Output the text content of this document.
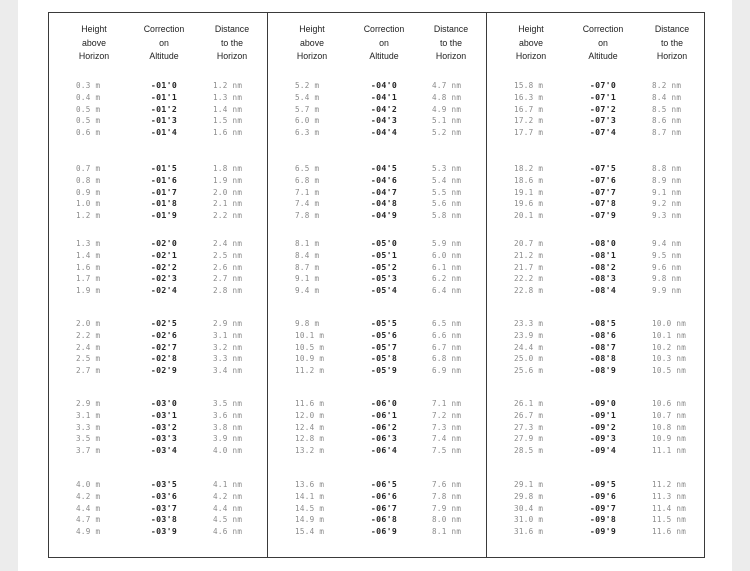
Height
above
Horizon
Correction
on
Altitude
Distance
to the
Horizon
Height
above
Horizon
Correction
on
Altitude
Distance
to the
Horizon
Height
above
Horizon
Correction
on
Altitude
Distance
to the
Horizon
0.3 m	-01'0	1.2 nm
0.4 m	-01'1	1.3 nm
0.5 m	-01'2	1.4 nm
0.5 m	-01'3	1.5 nm
0.6 m	-01'4	1.6 nm
0.7 m	-01'5	1.8 nm
0.8 m	-01'6	1.9 nm
0.9 m	-01'7	2.0 nm
1.0 m	-01'8	2.1 nm
1.2 m	-01'9	2.2 nm
1.3 m	-02'0	2.4 nm
1.4 m	-02'1	2.5 nm
1.6 m	-02'2	2.6 nm
1.7 m	-02'3	2.7 nm
1.9 m	-02'4	2.8 nm
2.0 m	-02'5	2.9 nm
2.2 m	-02'6	3.1 nm
2.4 m	-02'7	3.2 nm
2.5 m	-02'8	3.3 nm
2.7 m	-02'9	3.4 nm
2.9 m	-03'0	3.5 nm
3.1 m	-03'1	3.6 nm
3.3 m	-03'2	3.8 nm
3.5 m	-03'3	3.9 nm
3.7 m	-03'4	4.0 nm
4.0 m	-03'5	4.1 nm
4.2 m	-03'6	4.2 nm
4.4 m	-03'7	4.4 nm
4.7 m	-03'8	4.5 nm
4.9 m	-03'9	4.6 nm
5.2 m	-04'0	4.7 nm
5.4 m	-04'1	4.8 nm
5.7 m	-04'2	4.9 nm
6.0 m	-04'3	5.1 nm
6.3 m	-04'4	5.2 nm
6.5 m	-04'5	5.3 nm
6.8 m	-04'6	5.4 nm
7.1 m	-04'7	5.5 nm
7.4 m	-04'8	5.6 nm
7.8 m	-04'9	5.8 nm
8.1 m	-05'0	5.9 nm
8.4 m	-05'1	6.0 nm
8.7 m	-05'2	6.1 nm
9.1 m	-05'3	6.2 nm
9.4 m	-05'4	6.4 nm
9.8 m	-05'5	6.5 nm
10.1 m	-05'6	6.6 nm
10.5 m	-05'7	6.7 nm
10.9 m	-05'8	6.8 nm
11.2 m	-05'9	6.9 nm
11.6 m	-06'0	7.1 nm
12.0 m	-06'1	7.2 nm
12.4 m	-06'2	7.3 nm
12.8 m	-06'3	7.4 nm
13.2 m	-06'4	7.5 nm
13.6 m	-06'5	7.6 nm
14.1 m	-06'6	7.8 nm
14.5 m	-06'7	7.9 nm
14.9 m	-06'8	8.0 nm
15.4 m	-06'9	8.1 nm
15.8 m	-07'0	8.2 nm
16.3 m	-07'1	8.4 nm
16.7 m	-07'2	8.5 nm
17.2 m	-07'3	8.6 nm
17.7 m	-07'4	8.7 nm
18.2 m	-07'5	8.8 nm
18.6 m	-07'6	8.9 nm
19.1 m	-07'7	9.1 nm
19.6 m	-07'8	9.2 nm
20.1 m	-07'9	9.3 nm
20.7 m	-08'0	9.4 nm
21.2 m	-08'1	9.5 nm
21.7 m	-08'2	9.6 nm
22.2 m	-08'3	9.8 nm
22.8 m	-08'4	9.9 nm
23.3 m	-08'5	10.0 nm
23.9 m	-08'6	10.1 nm
24.4 m	-08'7	10.2 nm
25.0 m	-08'8	10.3 nm
25.6 m	-08'9	10.5 nm
26.1 m	-09'0	10.6 nm
26.7 m	-09'1	10.7 nm
27.3 m	-09'2	10.8 nm
27.9 m	-09'3	10.9 nm
28.5 m	-09'4	11.1 nm
29.1 m	-09'5	11.2 nm
29.8 m	-09'6	11.3 nm
30.4 m	-09'7	11.4 nm
31.0 m	-09'8	11.5 nm
31.6 m	-09'9	11.6 nm
